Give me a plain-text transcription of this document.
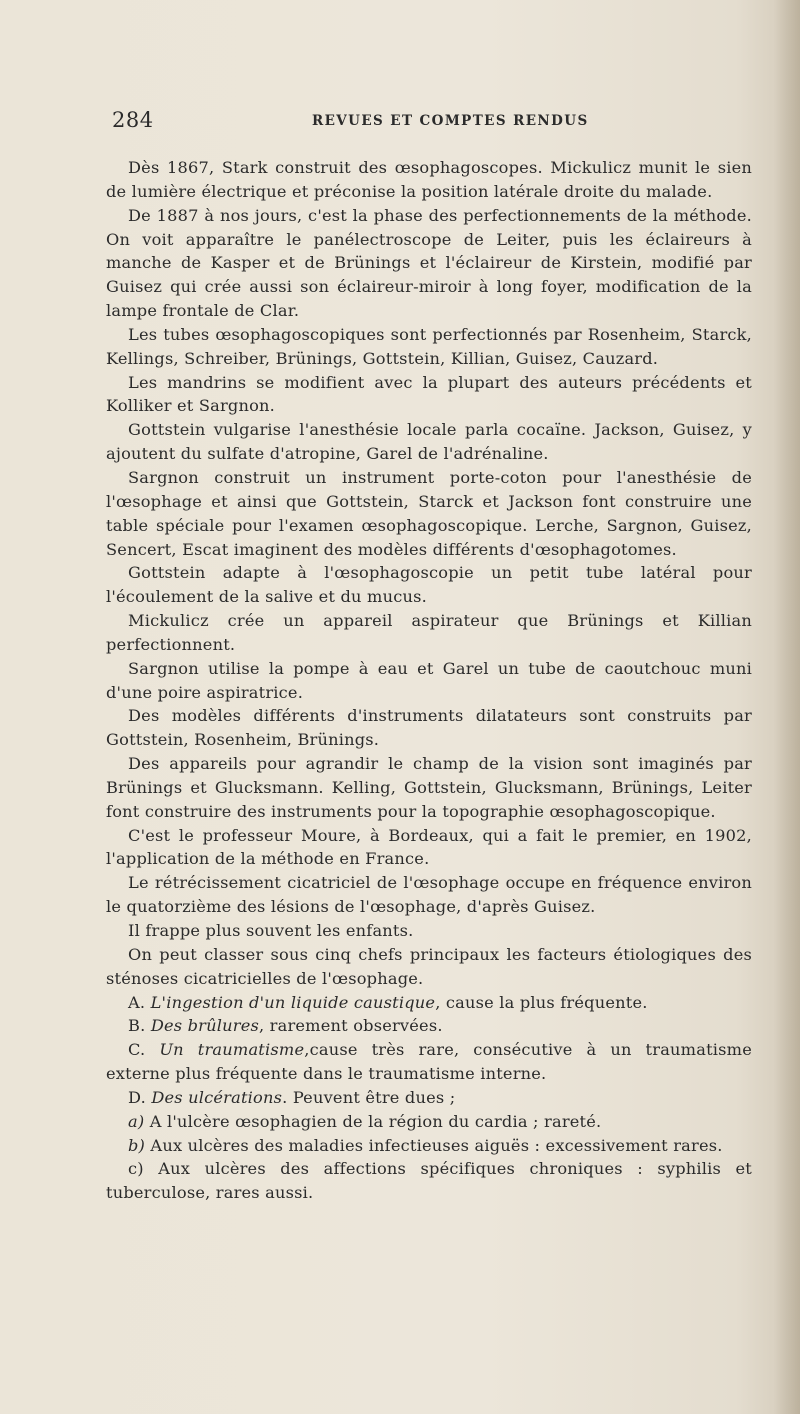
284	REVUES ET COMPTES RENDUS

Dès 1867, Stark construit des œsophagoscopes. Mickulicz munit le sien de lumière électrique et préconise la position latérale droite du malade.

De 1887 à nos jours, c'est la phase des perfectionnements de la méthode. On voit apparaître le panélectroscope de Leiter, puis les éclaireurs à manche de Kasper et de Brünings et l'éclaireur de Kirstein, modifié par Guisez qui crée aussi son éclaireur-miroir à long foyer, modification de la lampe frontale de Clar.

Les tubes œsophagoscopiques sont perfectionnés par Rosenheim, Starck, Kellings, Schreiber, Brünings, Gottstein, Killian, Guisez, Cauzard.

Les mandrins se modifient avec la plupart des auteurs précédents et Kolliker et Sargnon.

Gottstein vulgarise l'anesthésie locale parla cocaïne. Jackson, Guisez, y ajoutent du sulfate d'atropine, Garel de l'adrénaline.

Sargnon construit un instrument porte-coton pour l'anesthésie de l'œsophage et ainsi que Gottstein, Starck et Jackson font construire une table spéciale pour l'examen œsophagoscopique. Lerche, Sargnon, Guisez, Sencert, Escat imaginent des modèles différents d'œsophagotomes.

Gottstein adapte à l'œsophagoscopie un petit tube latéral pour l'écoulement de la salive et du mucus.

Mickulicz crée un appareil aspirateur que Brünings et Killian perfectionnent.

Sargnon utilise la pompe à eau et Garel un tube de caoutchouc muni d'une poire aspiratrice.

Des modèles différents d'instruments dilatateurs sont construits par Gottstein, Rosenheim, Brünings.

Des appareils pour agrandir le champ de la vision sont imaginés par Brünings et Glucksmann. Kelling, Gottstein, Glucksmann, Brünings, Leiter font construire des instruments pour la topographie œsophagoscopique.

C'est le professeur Moure, à Bordeaux, qui a fait le premier, en 1902, l'application de la méthode en France.

Le rétrécissement cicatriciel de l'œsophage occupe en fréquence environ le quatorzième des lésions de l'œsophage, d'après Guisez.

Il frappe plus souvent les enfants.

On peut classer sous cinq chefs principaux les facteurs étiologiques des sténoses cicatricielles de l'œsophage.

A. L'ingestion d'un liquide caustique, cause la plus fréquente.

B. Des brûlures, rarement observées.

C. Un traumatisme,cause très rare, consécutive à un traumatisme externe plus fréquente dans le traumatisme interne.

D. Des ulcérations. Peuvent être dues ;

a) A l'ulcère œsophagien de la région du cardia ; rareté.

b) Aux ulcères des maladies infectieuses aiguës : excessivement rares.

c) Aux ulcères des affections spécifiques chroniques : syphilis et tuberculose, rares aussi.
